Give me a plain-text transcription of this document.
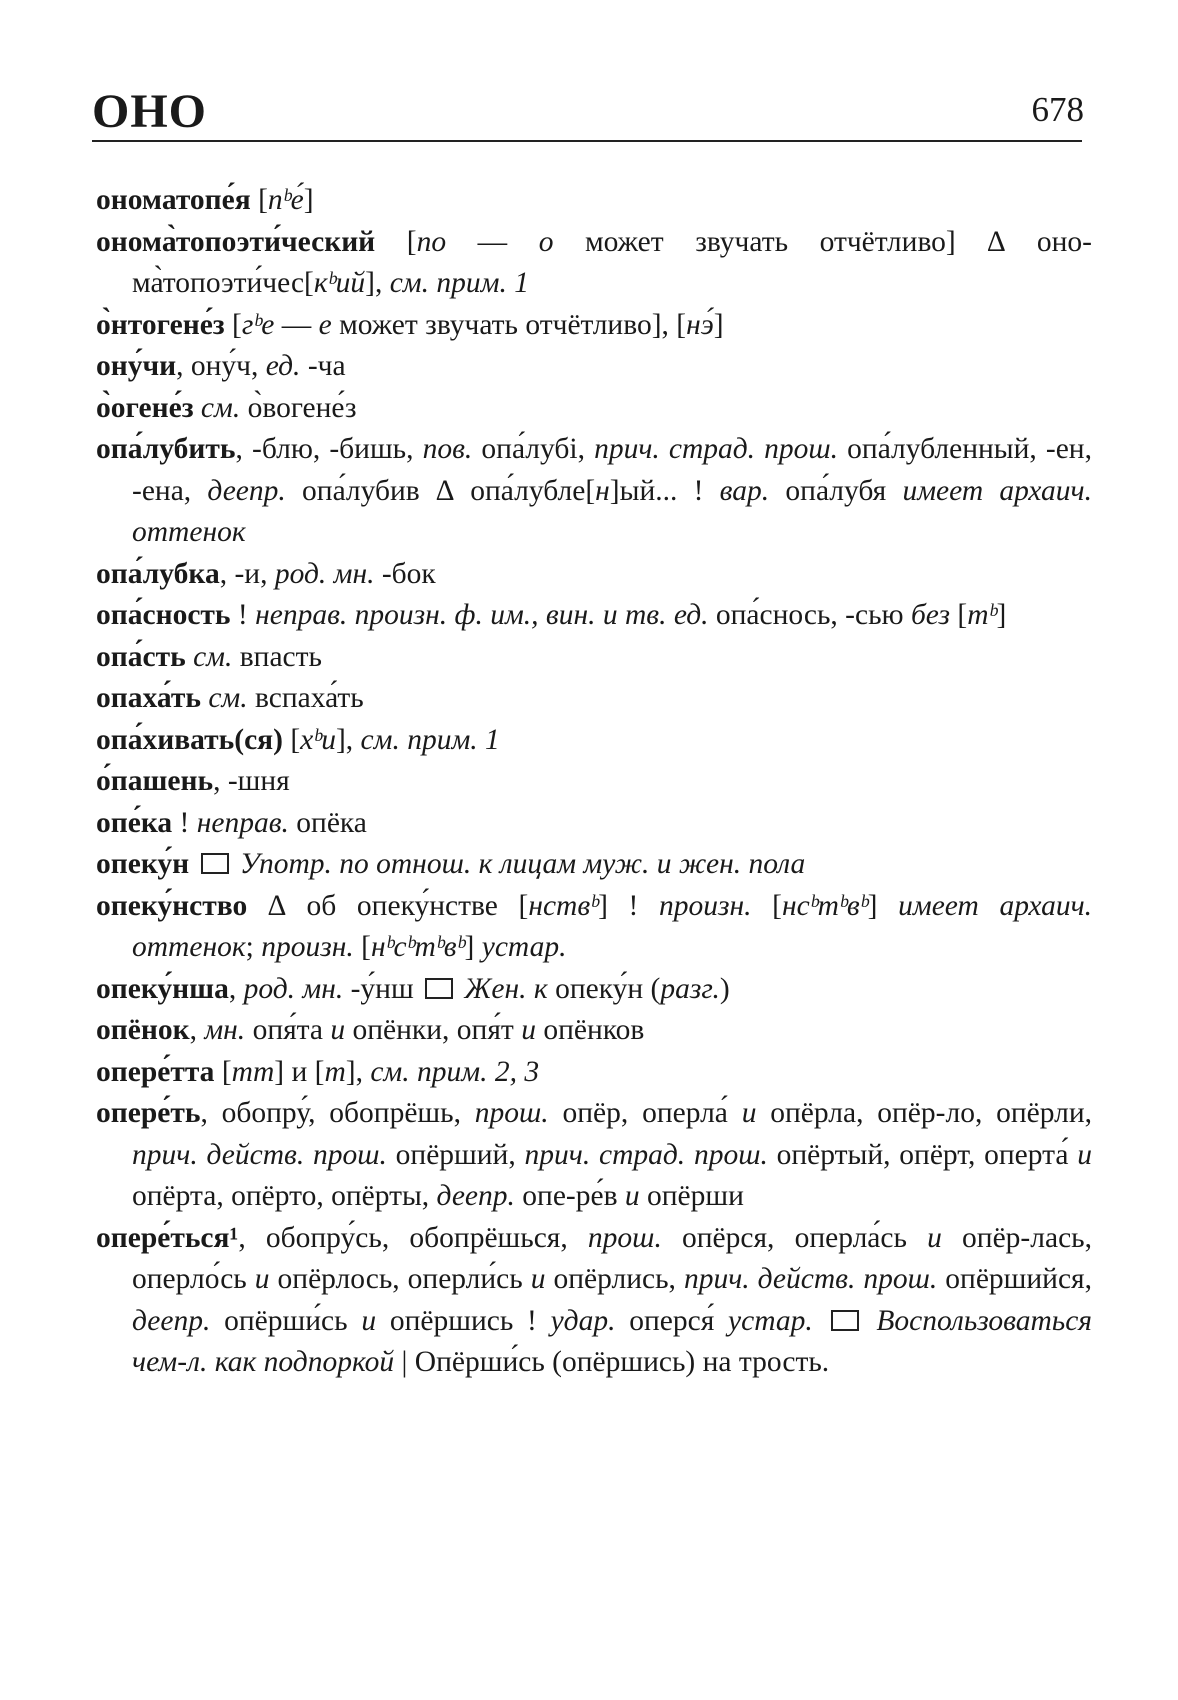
ОНО	678

ономатопе́я [пᵇе́]

онома̀топоэти́ческий [по — о может звучать отчётливо] ∆ оно-ма̀топоэти́чес[кᵇий], см. прим. 1

о̀нтогене́з [гᵇе — е может звучать отчётливо], [нэ́]

ону́чи, ону́ч, ед. -ча

о̀огене́з см. о̀вогене́з

опа́лубить, -блю, -бишь, пов. опа́лубі, прич. страд. прош. опа́лубленный, -ен, -ена, деепр. опа́лубив ∆ опа́лубле[н]ый... ! вар. опа́лубя имеет архаич. оттенок

опа́лубка, -и, род. мн. -бок

опа́сность ! неправ. произн. ф. им., вин. и тв. ед. опа́снось, -сью без [тᵇ]

опа́сть см. впасть

опаха́ть см. вспаха́ть

опа́хивать(ся) [хᵇи], см. прим. 1

о́пашень, -шня

опе́ка ! неправ. опёка

опеку́н Употр. по отнош. к лицам муж. и жен. пола

опеку́нство ∆ об опеку́нстве [нствᵇ] ! произн. [нсᵇтᵇвᵇ] имеет архаич. оттенок; произн. [нᵇсᵇтᵇвᵇ] устар.

опеку́нша, род. мн. -у́нш  Жен. к опеку́н (разг.)

опёнок, мн. опя́та и опёнки, опя́т и опёнков

опере́тта [тт] и [т], см. прим. 2, 3

опере́ть, обопру́, обопрёшь, прош. опёр, оперла́ и опёрла, опёр-ло, опёрли, прич. действ. прош. опёрший, прич. страд. прош. опёртый, опёрт, оперта́ и опёрта, опёрто, опёрты, деепр. опе-ре́в и опёрши

опере́ться¹, обопру́сь, обопрёшься, прош. опёрся, оперла́сь и опёр-лась, оперло́сь и опёрлось, оперли́сь и опёрлись, прич. действ. прош. опёршийся, деепр. опёрши́сь и опёршись ! удар. оперся́ устар. Воспользоваться чем-л. как подпоркой | Опёрши́сь (опёршись) на трость.
